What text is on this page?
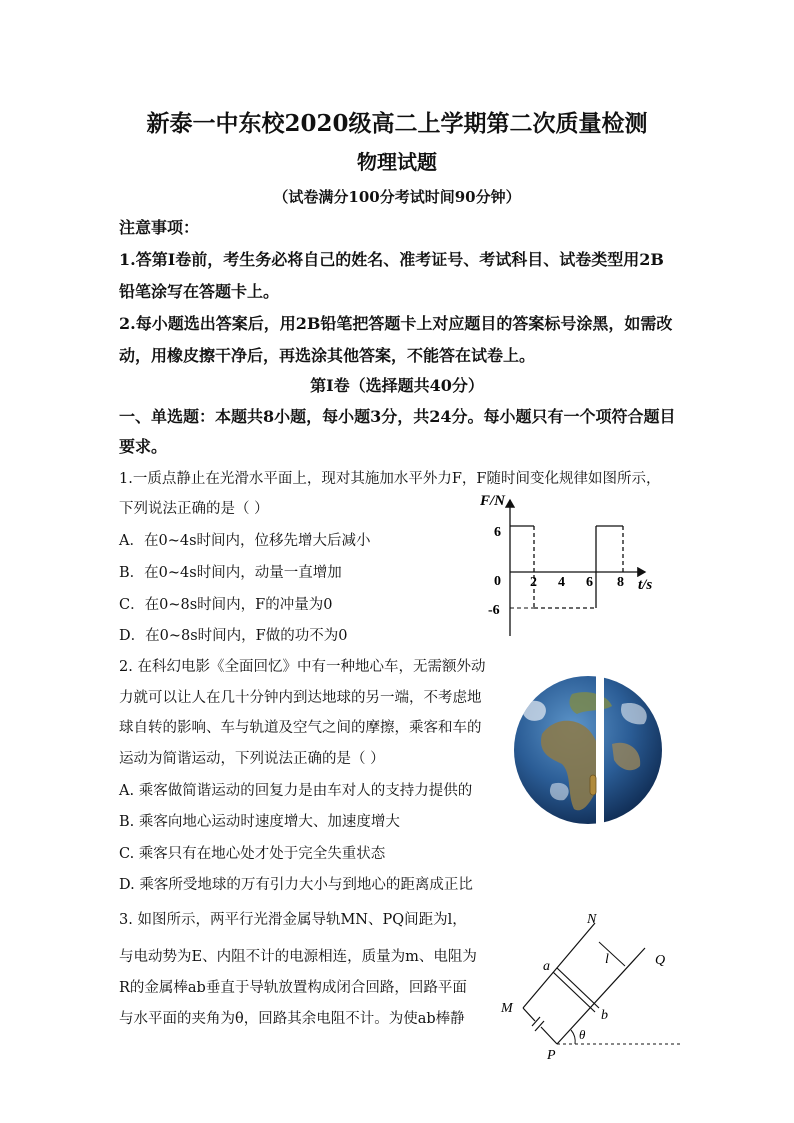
新泰一中东校2020级高二上学期第二次质量检测
物理试题
（试卷满分100分考试时间90分钟）
注意事项：
1.答第Ⅰ卷前，考生务必将自己的姓名、准考证号、考试科目、试卷类型用2B
铅笔涂写在答题卡上。
2.每小题选出答案后，用2B铅笔把答题卡上对应题目的答案标号涂黑，如需改
动，用橡皮擦干净后，再选涂其他答案，不能答在试卷上。
第Ⅰ卷（选择题共40分）
一、单选题：本题共8小题，每小题3分，共24分。每小题只有一个项符合题目
要求。
1.一质点静止在光滑水平面上，现对其施加水平外力F，F随时间变化规律如图所示，
下列说法正确的是（ ）
A．在0~4s时间内，位移先增大后减小
B．在0~4s时间内，动量一直增加
C．在0~8s时间内，F的冲量为0
D．在0~8s时间内，F做的功不为0
F/N
t/s
6
-6
0 2 4 6 8
2. 在科幻电影《全面回忆》中有一种地心车，无需额外动
力就可以让人在几十分钟内到达地球的另一端，不考虑地
球自转的影响、车与轨道及空气之间的摩擦，乘客和车的
运动为简谐运动，下列说法正确的是（ ）
A. 乘客做简谐运动的回复力是由车对人的支持力提供的
B. 乘客向地心运动时速度增大、加速度增大
C. 乘客只有在地心处才处于完全失重状态
D. 乘客所受地球的万有引力大小与到地心的距离成正比
3. 如图所示，两平行光滑金属导轨MN、PQ间距为l，
与电动势为E、内阻不计的电源相连，质量为m、电阻为
R的金属棒ab垂直于导轨放置构成闭合回路，回路平面
与水平面的夹角为θ，回路其余电阻不计。为使ab棒静
N
Q
M
P
a
b
l
θ
